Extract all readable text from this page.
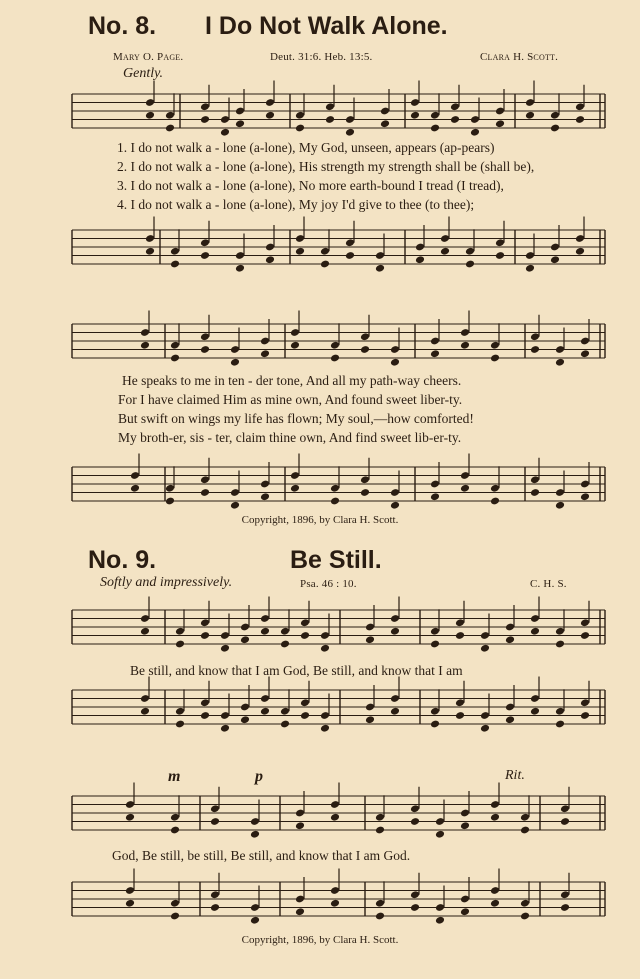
No. 8. I Do Not Walk Alone.
Mary O. Page.	Deut. 31:6. Heb. 13:5.	Clara H. Scott.
Gently.
1. I do not walk a - lone (a-lone), My God, unseen, appears (ap-pears)
2. I do not walk a - lone (a-lone), His strength my strength shall be (shall be),
3. I do not walk a - lone (a-lone), No more earth-bound I tread (I tread),
4. I do not walk a - lone (a-lone), My joy I'd give to thee (to thee);
He speaks to me in ten - der tone, And all my path-way cheers.
For I have claimed Him as mine own, And found sweet liber-ty.
But swift on wings my life has flown; My soul,—how comforted!
My broth-er, sis - ter, claim thine own, And find sweet lib-er-ty.
Copyright, 1896, by Clara H. Scott.
No. 9.	Be Still.
Softly and impressively.	Psa. 46 : 10.	C. H. S.
Be still, and know that I am God, Be still, and know that I am
m	p	Rit.
God, Be still, be still, Be still, and know that I am God.
Copyright, 1896, by Clara H. Scott.
